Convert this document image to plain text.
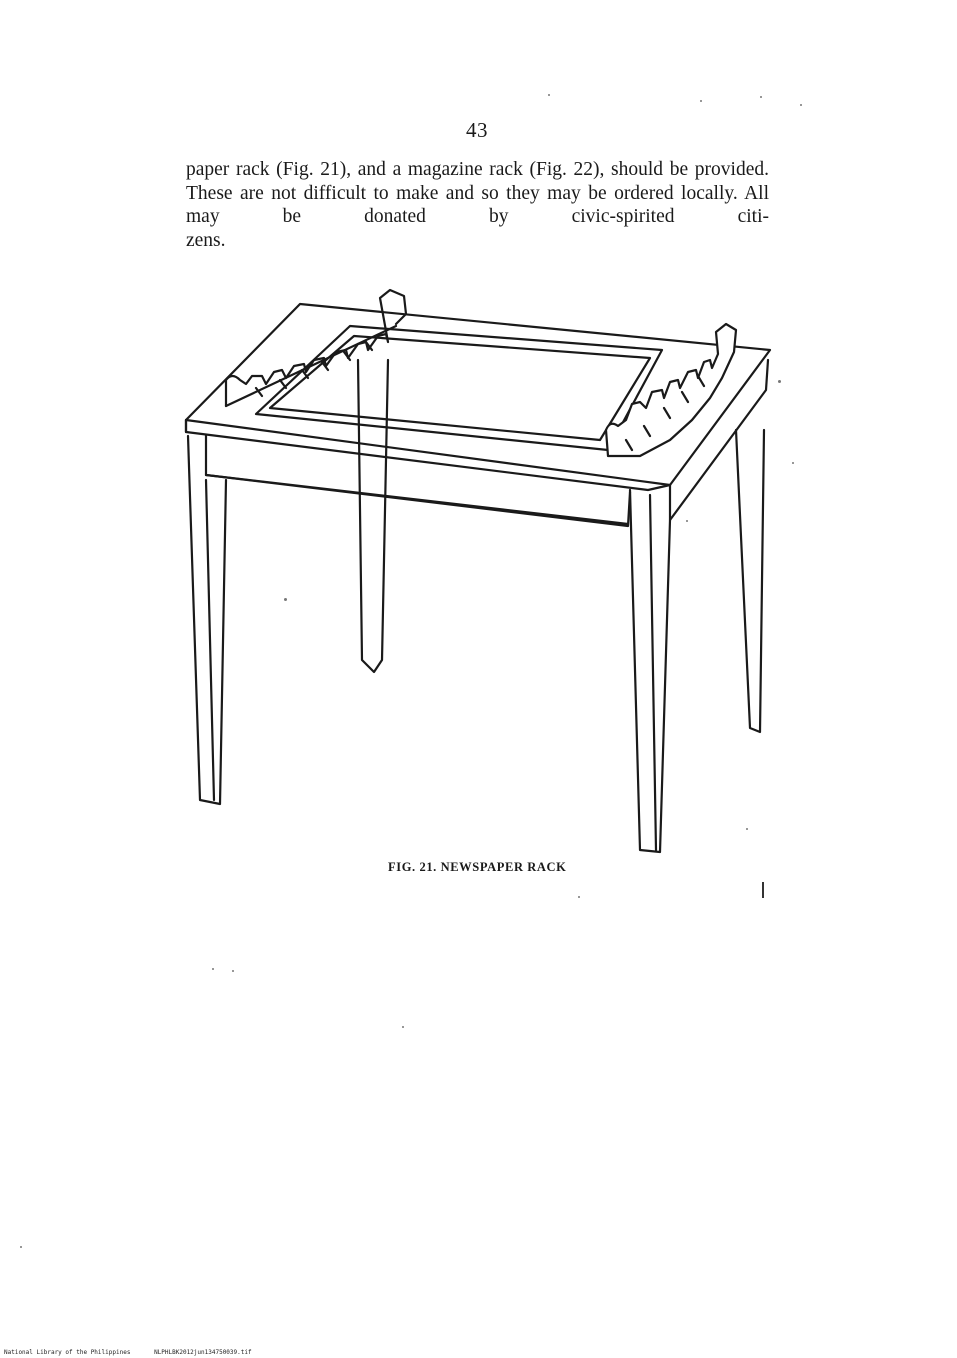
43
paper rack (Fig. 21), and a magazine rack (Fig. 22), should be provided. These are not difficult to make and so they may be ordered locally. All may be donated by civic-spirited citi-
zens.
FIG. 21. NEWSPAPER RACK
National Library of the Philippines	NLPHLBK2012jun134750039.tif
